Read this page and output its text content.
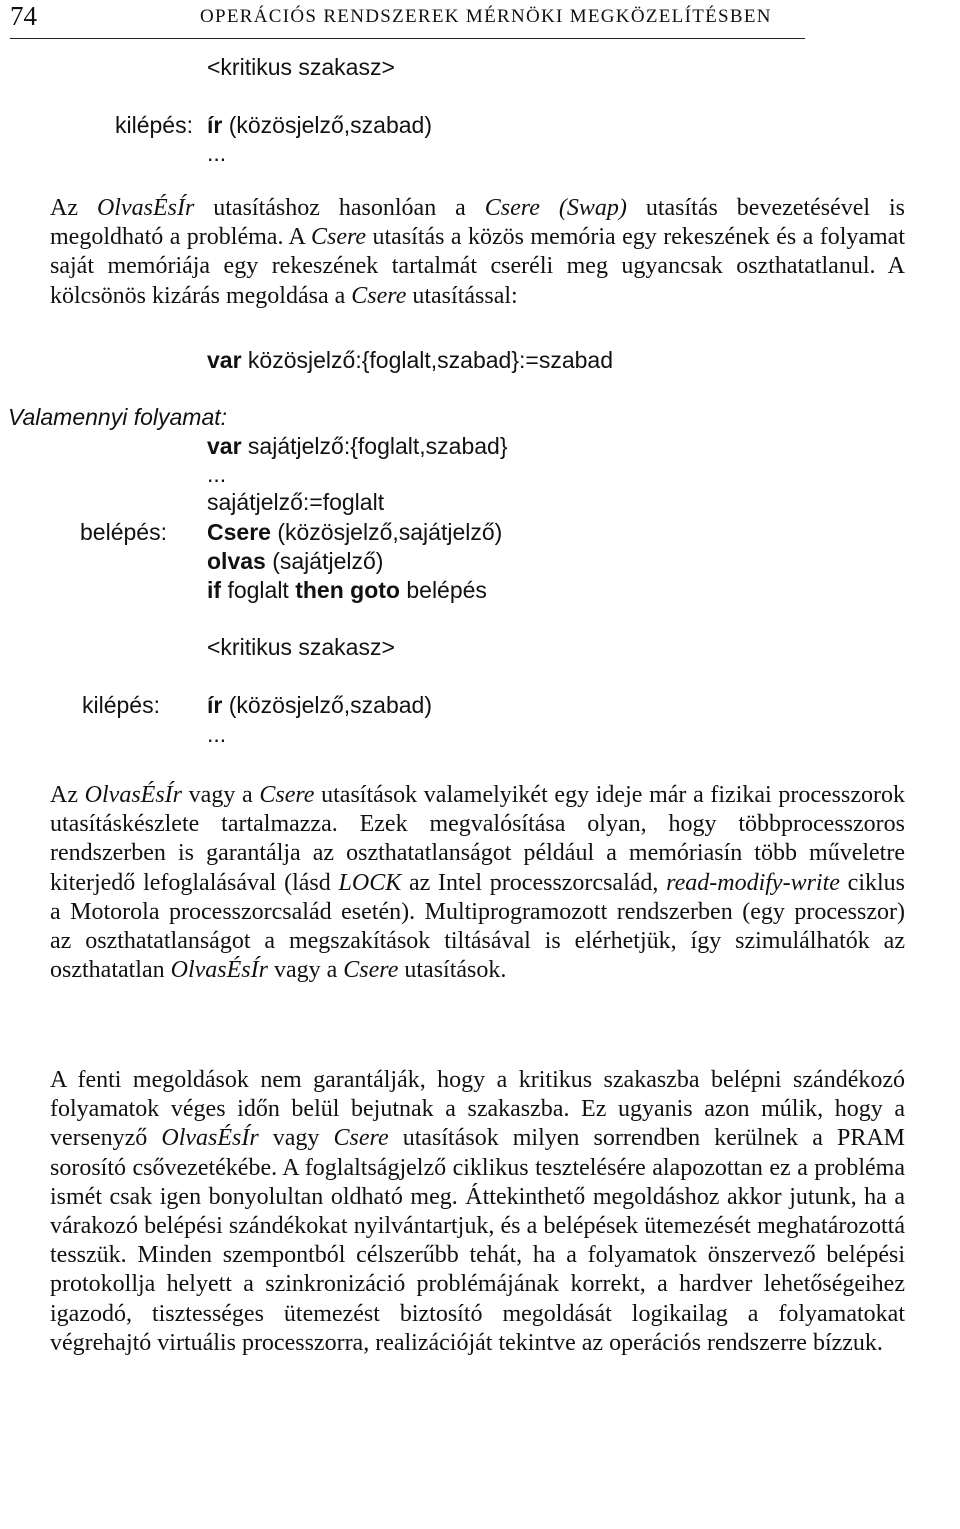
74	OPERÁCIÓS RENDSZEREK MÉRNÖKI MEGKÖZELÍTÉSBEN
<kritikus szakasz>
kilépés: ír (közösjelző,szabad)
...

Az OlvasÉsÍr utasításhoz hasonlóan a Csere (Swap) utasítás bevezetésével is megoldható a probléma. A Csere utasítás a közös memória egy rekeszének és a folyamat saját memóriája egy rekeszének tartalmát cseréli meg ugyancsak oszthatatlanul. A kölcsönös kizárás megoldása a Csere utasítással:

var közösjelző:{foglalt,szabad}:=szabad
Valamennyi folyamat:
var sajátjelző:{foglalt,szabad}
...
sajátjelző:=foglalt
belépés: Csere (közösjelző,sajátjelző)
olvas (sajátjelző)
if foglalt then goto belépés
<kritikus szakasz>
kilépés: ír (közösjelző,szabad)
...

Az OlvasÉsÍr vagy a Csere utasítások valamelyikét egy ideje már a fizikai processzorok utasításkészlete tartalmazza. Ezek megvalósítása olyan, hogy többprocesszoros rendszerben is garantálja az oszthatatlanságot például a memóriasín több műveletre kiterjedő lefoglalásával (lásd LOCK az Intel processzorcsalád, read-modify-write ciklus a Motorola processzorcsalád esetén). Multiprogramozott rendszerben (egy processzor) az oszthatatlanságot a megszakítások tiltásával is elérhetjük, így szimulálhatók az oszthatatlan OlvasÉsÍr vagy a Csere utasítások.

A fenti megoldások nem garantálják, hogy a kritikus szakaszba belépni szándékozó folyamatok véges időn belül bejutnak a szakaszba. Ez ugyanis azon múlik, hogy a versenyző OlvasÉsÍr vagy Csere utasítások milyen sorrendben kerülnek a PRAM sorosító csővezetékébe. A foglaltságjelző ciklikus tesztelésére alapozottan ez a probléma ismét csak igen bonyolultan oldható meg. Áttekinthető megoldáshoz akkor jutunk, ha a várakozó belépési szándékokat nyilvántartjuk, és a belépések ütemezését meghatározottá tesszük. Minden szempontból célszerűbb tehát, ha a folyamatok önszervező belépési protokollja helyett a szinkronizáció problémájának korrekt, a hardver lehetőségeihez igazodó, tisztességes ütemezést biztosító megoldását logikailag a folyamatokat végrehajtó virtuális processzorra, realizációját tekintve az operációs rendszerre bízzuk.
